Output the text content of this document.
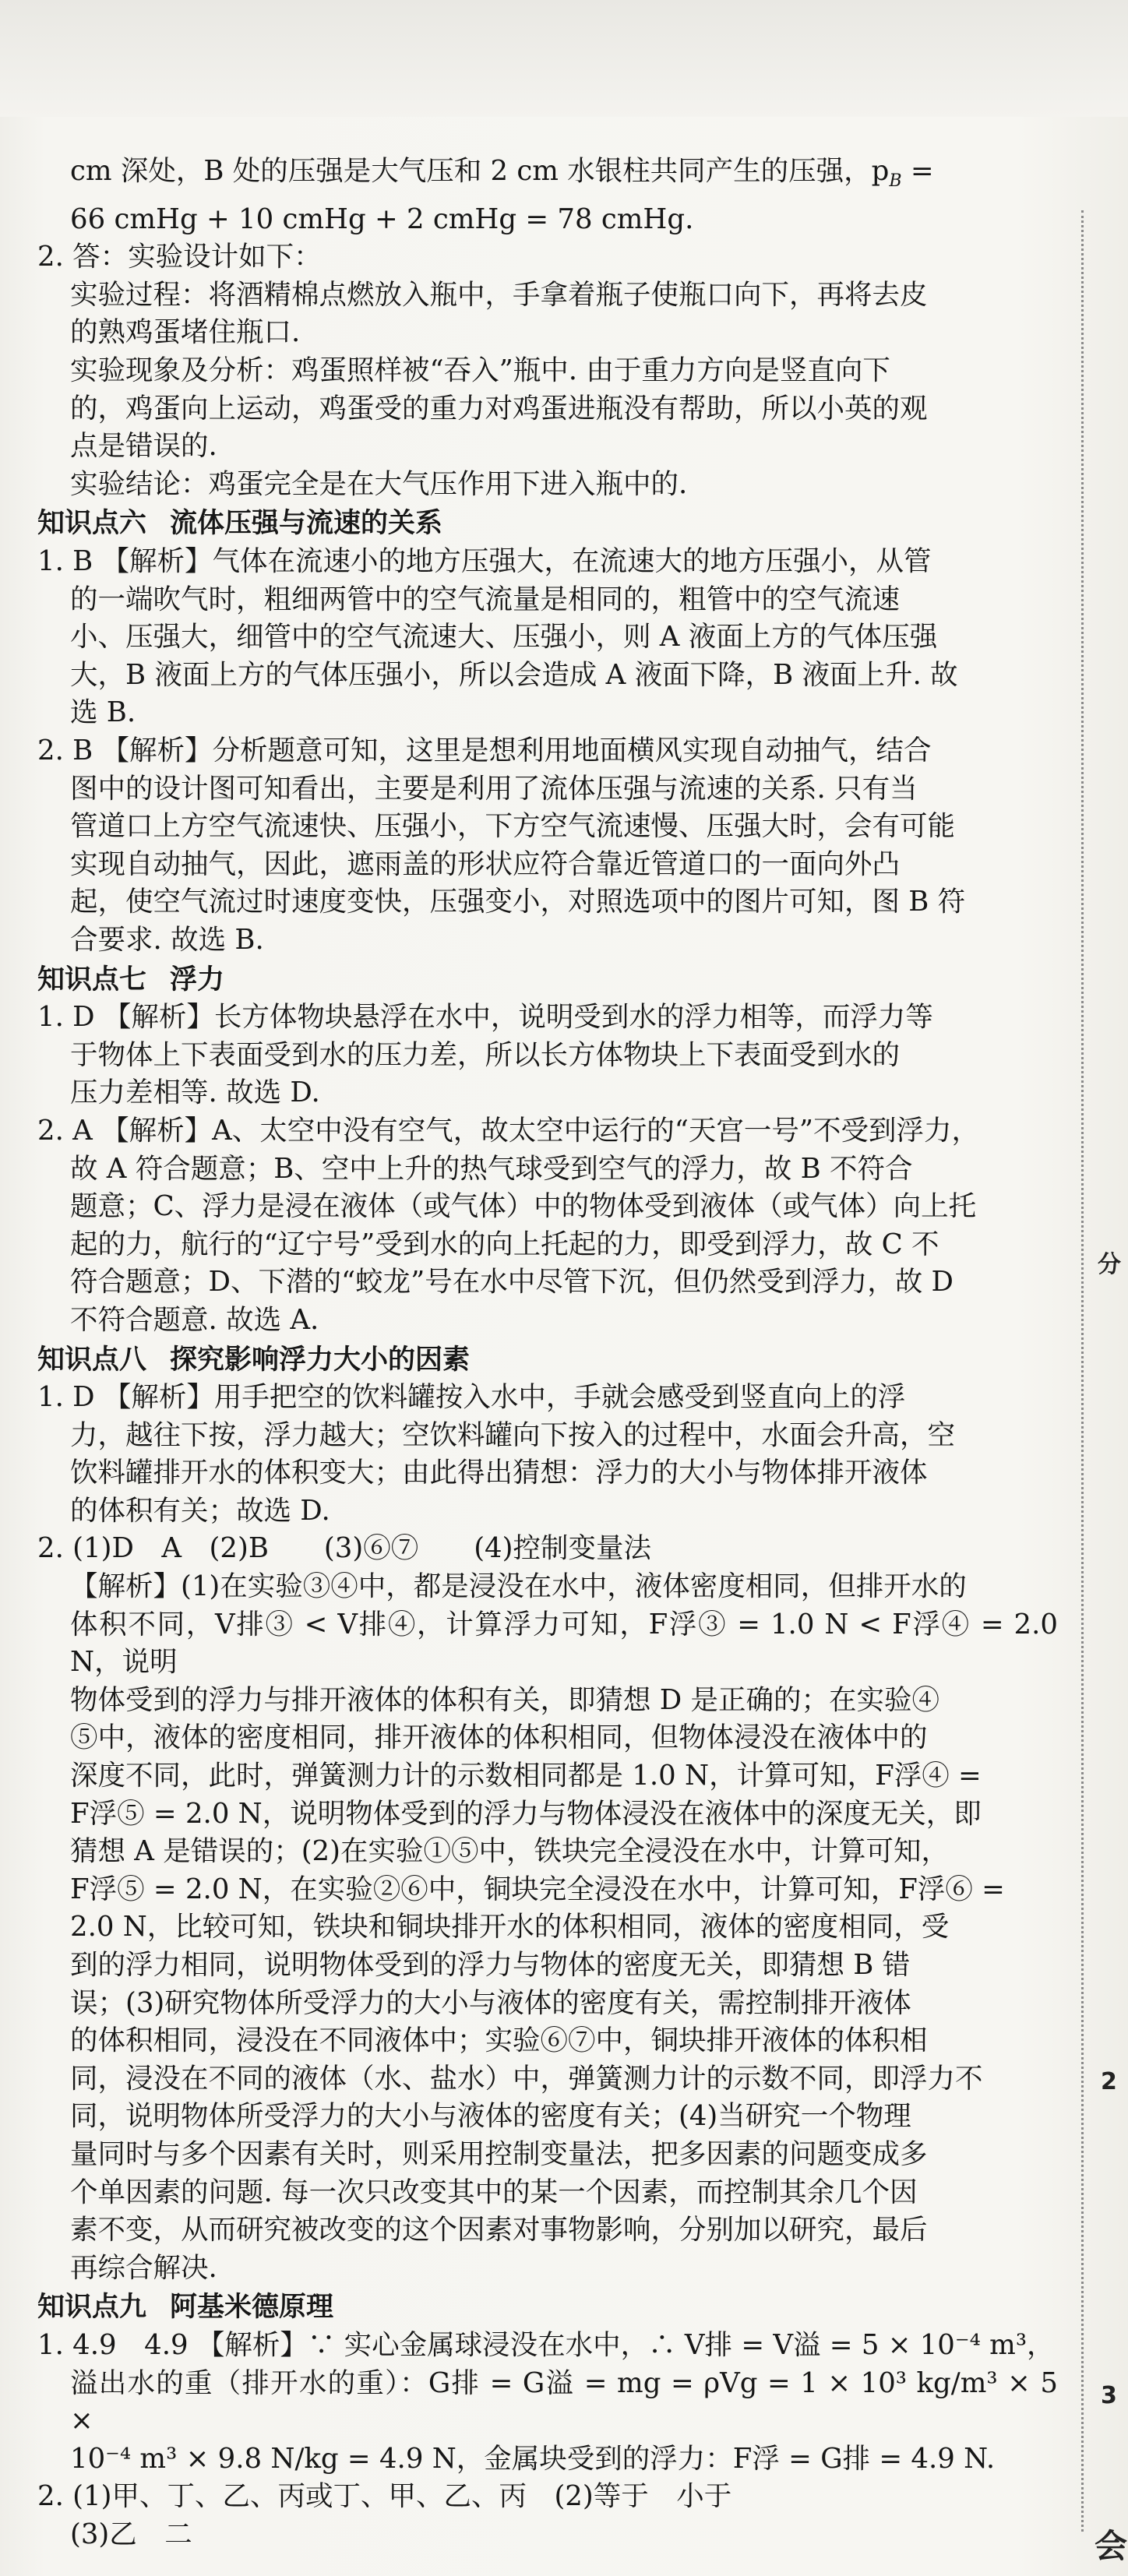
cm 深处，B 处的压强是大气压和 2 cm 水银柱共同产生的压强，$p_B$ =

66 cmHg + 10 cmHg + 2 cmHg = 78 cmHg.

2. 答：实验设计如下：

实验过程：将酒精棉点燃放入瓶中，手拿着瓶子使瓶口向下，再将去皮

的熟鸡蛋堵住瓶口.

实验现象及分析：鸡蛋照样被“吞入”瓶中. 由于重力方向是竖直向下

的，鸡蛋向上运动，鸡蛋受的重力对鸡蛋进瓶没有帮助，所以小英的观

点是错误的.

实验结论：鸡蛋完全是在大气压作用下进入瓶中的.

知识点六 流体压强与流速的关系

1. B 【解析】气体在流速小的地方压强大，在流速大的地方压强小，从管

的一端吹气时，粗细两管中的空气流量是相同的，粗管中的空气流速

小、压强大，细管中的空气流速大、压强小，则 A 液面上方的气体压强

大，B 液面上方的气体压强小，所以会造成 A 液面下降，B 液面上升. 故

选 B.

2. B 【解析】分析题意可知，这里是想利用地面横风实现自动抽气，结合

图中的设计图可知看出，主要是利用了流体压强与流速的关系. 只有当

管道口上方空气流速快、压强小，下方空气流速慢、压强大时，会有可能

实现自动抽气，因此，遮雨盖的形状应符合靠近管道口的一面向外凸

起，使空气流过时速度变快，压强变小，对照选项中的图片可知，图 B 符

合要求. 故选 B.

知识点七 浮力

1. D 【解析】长方体物块悬浮在水中，说明受到水的浮力相等，而浮力等

于物体上下表面受到水的压力差，所以长方体物块上下表面受到水的

压力差相等. 故选 D.

2. A 【解析】A、太空中没有空气，故太空中运行的“天宫一号”不受到浮力，

故 A 符合题意；B、空中上升的热气球受到空气的浮力，故 B 不符合

题意；C、浮力是浸在液体（或气体）中的物体受到液体（或气体）向上托

起的力，航行的“辽宁号”受到水的向上托起的力，即受到浮力，故 C 不

符合题意；D、下潜的“蛟龙”号在水中尽管下沉，但仍然受到浮力，故 D

不符合题意. 故选 A.

知识点八 探究影响浮力大小的因素

1. D 【解析】用手把空的饮料罐按入水中，手就会感受到竖直向上的浮

力，越往下按，浮力越大；空饮料罐向下按入的过程中，水面会升高，空

饮料罐排开水的体积变大；由此得出猜想：浮力的大小与物体排开液体

的体积有关；故选 D.

2. (1)D　A　(2)B　　(3)⑥⑦　　(4)控制变量法

【解析】(1)在实验③④中，都是浸没在水中，液体密度相同，但排开水的

体积不同，V排③ < V排④，计算浮力可知，F浮③ = 1.0 N < F浮④ = 2.0 N，说明

物体受到的浮力与排开液体的体积有关，即猜想 D 是正确的；在实验④

⑤中，液体的密度相同，排开液体的体积相同，但物体浸没在液体中的

深度不同，此时，弹簧测力计的示数相同都是 1.0 N，计算可知，F浮④ =

F浮⑤ = 2.0 N，说明物体受到的浮力与物体浸没在液体中的深度无关，即

猜想 A 是错误的；(2)在实验①⑤中，铁块完全浸没在水中，计算可知，

F浮⑤ = 2.0 N，在实验②⑥中，铜块完全浸没在水中，计算可知，F浮⑥ =

2.0 N，比较可知，铁块和铜块排开水的体积相同，液体的密度相同，受

到的浮力相同，说明物体受到的浮力与物体的密度无关，即猜想 B 错

误；(3)研究物体所受浮力的大小与液体的密度有关，需控制排开液体

的体积相同，浸没在不同液体中；实验⑥⑦中，铜块排开液体的体积相

同，浸没在不同的液体（水、盐水）中，弹簧测力计的示数不同，即浮力不

同，说明物体所受浮力的大小与液体的密度有关；(4)当研究一个物理

量同时与多个因素有关时，则采用控制变量法，把多因素的问题变成多

个单因素的问题. 每一次只改变其中的某一个因素，而控制其余几个因

素不变，从而研究被改变的这个因素对事物影响，分别加以研究，最后

再综合解决.

知识点九 阿基米德原理

1. 4.9　4.9 【解析】∵ 实心金属球浸没在水中，∴ V排 = V溢 = 5 × 10⁻⁴ m³，

溢出水的重（排开水的重）：G排 = G溢 = mg = ρVg = 1 × 10³ kg/m³ × 5 ×

10⁻⁴ m³ × 9.8 N/kg = 4.9 N，金属块受到的浮力：F浮 = G排 = 4.9 N.

2. (1)甲、丁、乙、丙或丁、甲、乙、丙　(2)等于　小于

(3)乙　二

分
2
3
会
